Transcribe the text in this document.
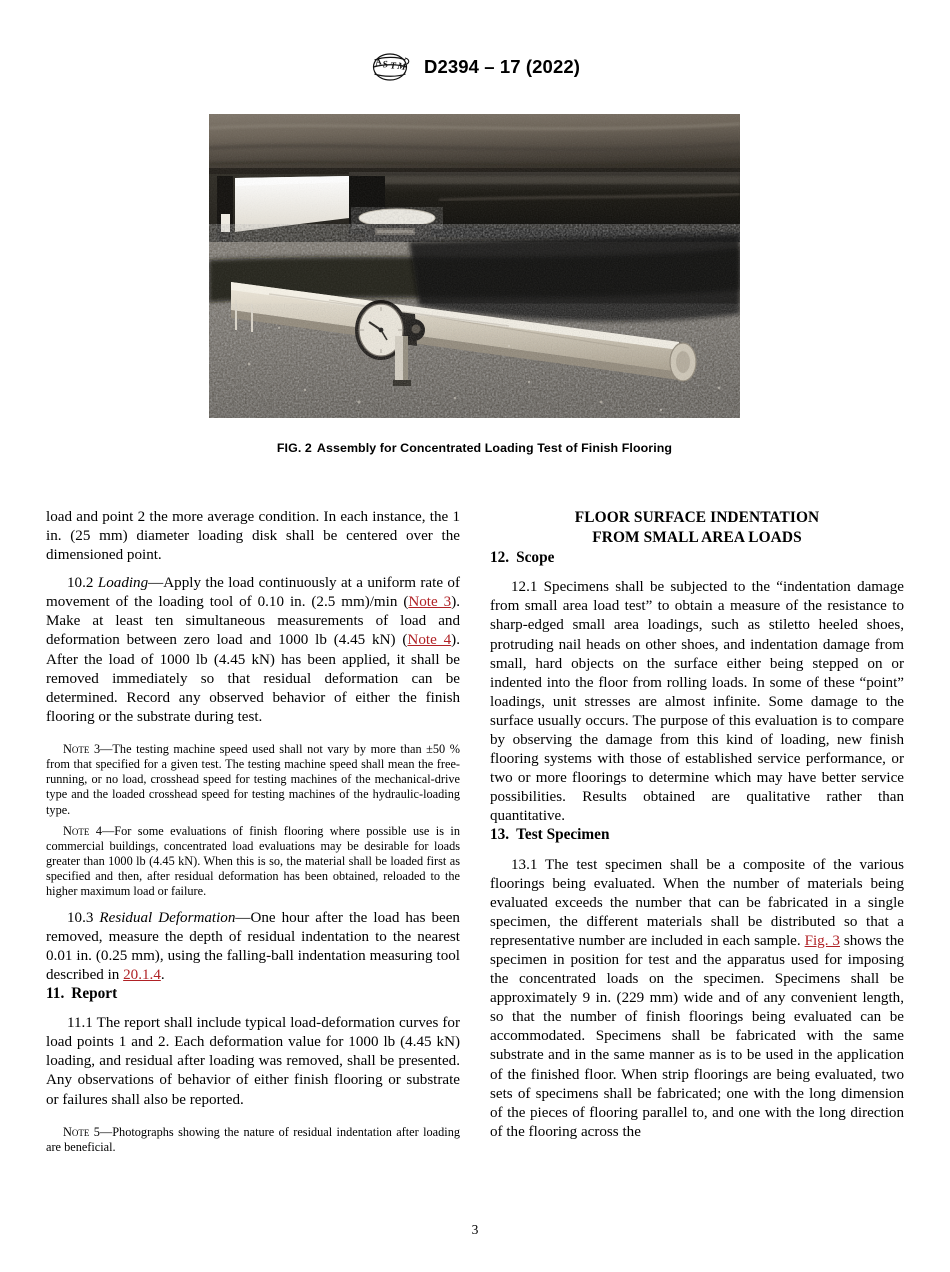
A S T M D2394 – 17 (2022)
FIG. 2 Assembly for Concentrated Loading Test of Finish Flooring

load and point 2 the more average condition. In each instance, the 1 in. (25 mm) diameter loading disk shall be centered over the dimensioned point.

10.2 Loading—Apply the load continuously at a uniform rate of movement of the loading tool of 0.10 in. (2.5 mm)/min (Note 3). Make at least ten simultaneous measurements of load and deformation between zero load and 1000 lb (4.45 kN) (Note 4). After the load of 1000 lb (4.45 kN) has been applied, it shall be removed immediately so that residual deformation can be determined. Record any observed behavior of either the finish flooring or the substrate during test.

Note 3—The testing machine speed used shall not vary by more than ±50 % from that specified for a given test. The testing machine speed shall mean the free-running, or no load, crosshead speed for testing machines of the mechanical-drive type and the loaded crosshead speed for testing machines of the hydraulic-loading type.

Note 4—For some evaluations of finish flooring where possible use is in commercial buildings, concentrated load evaluations may be desirable for loads greater than 1000 lb (4.45 kN). When this is so, the material shall be loaded first as specified and then, after residual deformation has been obtained, reloaded to the higher maximum load or failure.

10.3 Residual Deformation—One hour after the load has been removed, measure the depth of residual indentation to the nearest 0.01 in. (0.25 mm), using the falling-ball indentation measuring tool described in 20.1.4.

11. Report

11.1 The report shall include typical load-deformation curves for load points 1 and 2. Each deformation value for 1000 lb (4.45 kN) loading, and residual after loading was removed, shall be presented. Any observations of behavior of either finish flooring or substrate or failures shall also be reported.

Note 5—Photographs showing the nature of residual indentation after loading are beneficial.

FLOOR SURFACE INDENTATION
FROM SMALL AREA LOADS
12. Scope

12.1 Specimens shall be subjected to the “indentation damage from small area load test” to obtain a measure of the resistance to sharp-edged small area loadings, such as stiletto heeled shoes, protruding nail heads on other shoes, and indentation damage from small, hard objects on the surface either being stepped on or indented into the floor from rolling loads. In some of these “point” loadings, unit stresses are almost infinite. Some damage to the surface usually occurs. The purpose of this evaluation is to compare by observing the damage from this kind of loading, new finish flooring systems with those of established service performance, or two or more floorings to determine which may have better service possibilities. Results obtained are qualitative rather than quantitative.

13. Test Specimen

13.1 The test specimen shall be a composite of the various floorings being evaluated. When the number of materials being evaluated exceeds the number that can be fabricated in a single specimen, the different materials shall be distributed so that a representative number are included in each sample. Fig. 3 shows the specimen in position for test and the apparatus used for imposing the concentrated loads on the specimen. Specimens shall be approximately 9 in. (229 mm) wide and of any convenient length, so that the number of finish floorings being evaluated can be accommodated. Specimens shall be fabricated with the same substrate and in the same manner as is to be used in the application of the finished floor. When strip floorings are being evaluated, two sets of specimens shall be fabricated; one with the long dimension of the pieces of flooring parallel to, and one with the long direction of the flooring across the

3
